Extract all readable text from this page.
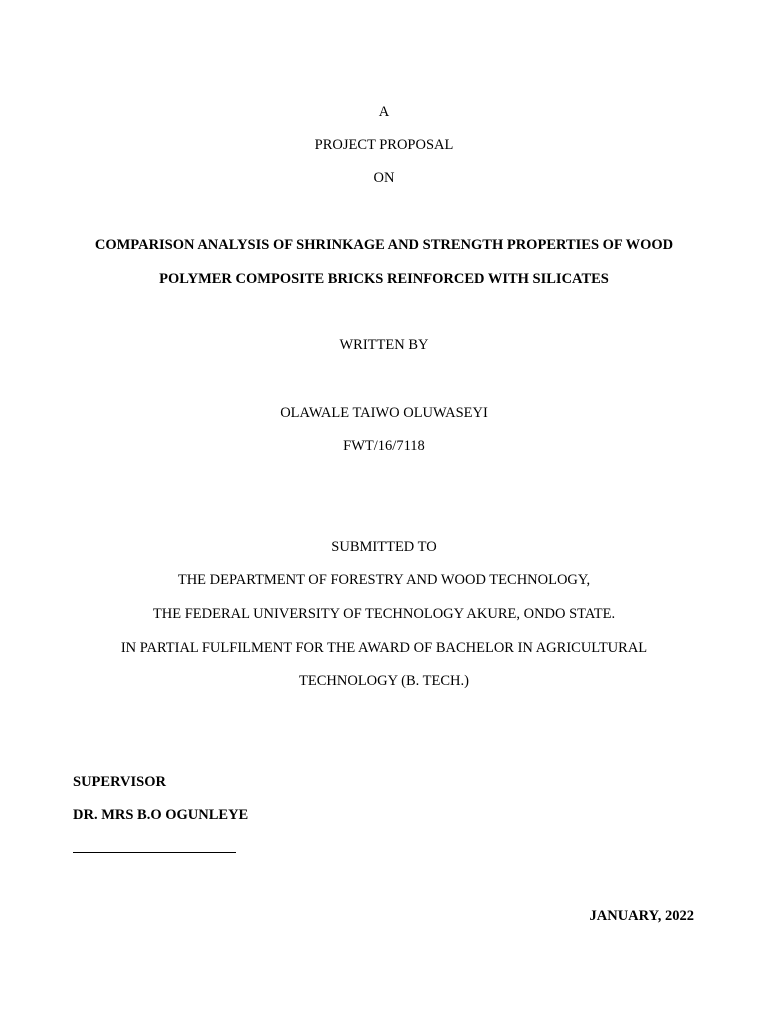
A
PROJECT PROPOSAL
ON
COMPARISON ANALYSIS OF SHRINKAGE AND STRENGTH PROPERTIES OF WOOD
POLYMER COMPOSITE BRICKS REINFORCED WITH SILICATES
WRITTEN BY
OLAWALE TAIWO OLUWASEYI
FWT/16/7118
SUBMITTED TO
THE DEPARTMENT OF FORESTRY AND WOOD TECHNOLOGY,
THE FEDERAL UNIVERSITY OF TECHNOLOGY AKURE, ONDO STATE.
IN PARTIAL FULFILMENT FOR THE AWARD OF BACHELOR IN AGRICULTURAL
TECHNOLOGY (B. TECH.)
SUPERVISOR
DR. MRS B.O OGUNLEYE
JANUARY, 2022
